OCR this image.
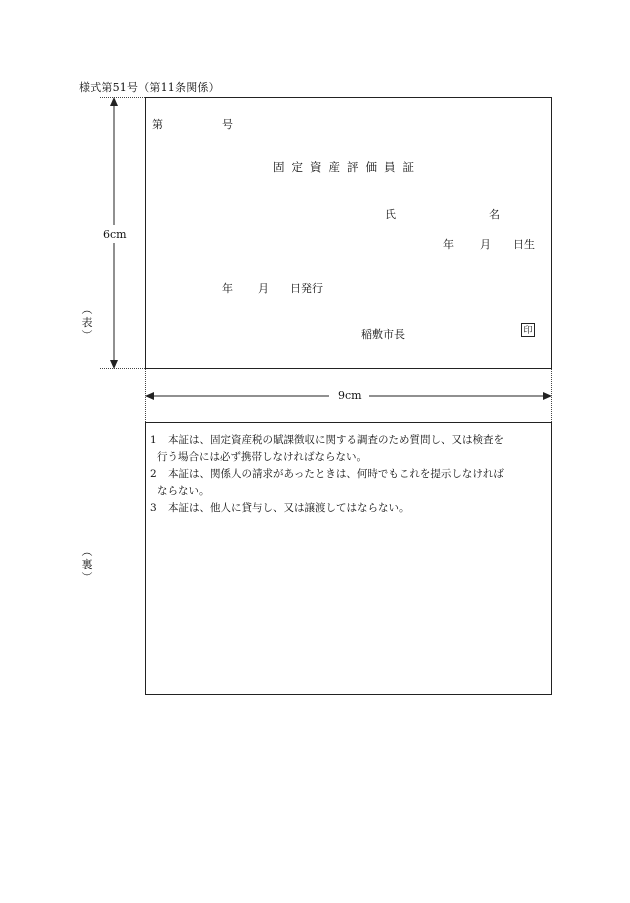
様式第51号（第11条関係）
6cm
︵
表
︶
第	号
固定資産評価員証
氏	名
年 月 日生
年 月 日発行
稲敷市長	印
9cm
︵
裏
︶

1 本証は、固定資産税の賦課徴収に関する調査のため質問し、又は検査を

行う場合には必ず携帯しなければならない。

2 本証は、関係人の請求があったときは、何時でもこれを提示しなければ

ならない。

3 本証は、他人に貸与し、又は譲渡してはならない。
